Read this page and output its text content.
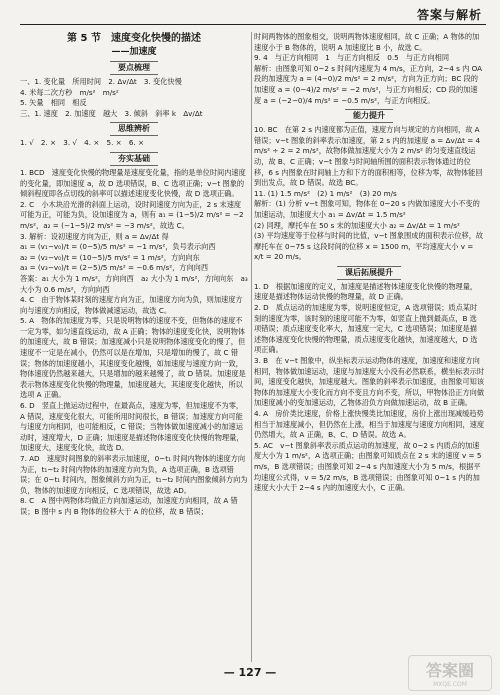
答案与解析
第 5 节　速度变化快慢的描述
——加速度
要点梳理

一、1. 变化量　所用时间　2. Δv/Δt　3. 变化快慢

4. 米每二次方秒　m/s²　m/s²

5. 矢量　相同　相反

三、1. 速度　2. 加速度　越大　3. 倾斜　斜率 k　Δv/Δt

思维辨析

1. √　2. ×　3. √　4. ×　5. ×　6. ×

夯实基础

1. BCD　速度变化快慢的物理量是速度变化量，指的是单位时间内速度的变化量，即加速度 a，故 D 选项错误，B、C 选项正确；v−t 图象的倾斜程度即各点切线的斜率可以描述速度变化快慢，故 D 选项正确。

2. C　小木块沿光滑的斜面上运动，设时间速度方向为正，2 s 末速度可能为正，可能为负，设加速度为 a，则有 a₁ = (1−5)/2 m/s² = −2 m/s²，a₂ = (−1−5)/2 m/s² = −3 m/s²，故选 C。

3. 解析：设初速度方向为正，则 a = Δv/Δt 得

a₁ = (v₁−v₀)/t = (0−5)/5 m/s² = −1 m/s²，负号表示向西

a₂ = (v₂−v₀)/t = (10−5)/5 m/s² = 1 m/s²，方向向东

a₃ = (v₃−v₀)/t = (2−5)/5 m/s² = −0.6 m/s²，方向向西

答案：a₁ 大小为 1 m/s²，方向向西　a₂ 大小为 1 m/s²，方向向东　a₃ 大小为 0.6 m/s²，方向向西

4. C　由于物体某时刻的速度方向为正，加速度方向为负，则加速度方向与速度方向相反，物体做减速运动，故选 C。

5. A　物体的加速度为零，只是说明物体的速度不变，但物体的速度不一定为零，如匀速直线运动，故 A 正确；物体的速度变化快，说明物体的加速度大，故 B 错误；加速度减小只是说明物体速度变化的慢了，但速度不一定是在减小，仍然可以是在增加，只是增加的慢了，故 C 错误；物体的加速度越小，其速度变化越慢，如加速度与速度方向一致，物体速度仍然越来越大，只是增加的越来越慢了，故 D 错误。加速度是表示物体速度变化快慢的物理量，加速度越大，其速度变化越快，所以选项 A 正确。

6. D　竖直上抛运动过程中，在最高点，速度为零，但加速度不为零，A 错误，速度变化很大，可能所用时间很长，B 错误；加速度方向可能与速度方向相同，也可能相反，C 错误；当物体做加速度减小的加速运动时，速度增大，D 正确；加速度是描述物体速度变化快慢的物理量，加速度大，速度变化快，故选 D。

7. AD　速度时间图象的斜率表示加速度，0~t₁ 时间内物体的速度方向为正，t₁~t₂ 时间内物体的加速度方向为负，A 选项正确，B 选项错误；在 0~t₁ 时间内，图象倾斜方向为正，t₁~t₂ 时间内图象倾斜方向为负，物体的加速度方向相反，C 选项错误，故选 AD。

8. C　A 图中两物体均做正方向加速运动，加速度方向相同，故 A 错误；B 图中 s 内 B 物体的位移大于 A 的位移，故 B 错误；

时间两物体的图象相交，说明两物体速度相同，故 C 正确；A 物体的加速度小于 B 物体的，说明 A 加速度比 B 小，故选 C。

9. 4　与正方向相同　1　与正方向相反　0.5　与正方向相同

解析：由图象可知 0~2 s 时间内速度为 4 m/s，正方向，2~4 s 内 OA 段的加速度为 a = (4−0)/2 m/s² = 2 m/s²，方向为正方向；BC 段的加速度 a = (0−4)/2 m/s² = −2 m/s²，与正方向相反；CD 段的加速度 a = (−2−0)/4 m/s² = −0.5 m/s²，与正方向相反。

能力提升

10. BC　在第 2 s 内速度都为正值，速度方向与规定的方向相同，故 A 错误；v−t 图象的斜率表示加速度，第 2 s 内的加速度 a = Δv/Δt = 4 m/s² ÷ 2 = 2 m/s²，故物体做加速度大小为 2 m/s² 的匀变速直线运动，故 B、C 正确；v−t 图象与时间轴所围的面积表示物体通过的位移，6 s 内图象在时间轴上方和下方的面积相等，位移为零，故物体能回到出发点，故 D 错误。故选 BC。

11. (1) 1.5 m/s²　(2) 1 m/s²　(3) 20 m/s

解析：(1) 分析 v−t 图象可知，物体在 0~20 s 内做加速度大小不变的加速运动，加速度大小 a₁ = Δv/Δt = 1.5 m/s²

(2) 同理，摩托车在 50 s 末的加速度大小 a₂ = Δv/Δt = 1 m/s²

(3) 平均速度等于位移与时间的比值，v−t 图象围成的面积表示位移，故摩托车在 0~75 s 这段时间的位移 x = 1500 m，平均速度大小 v = x/t = 20 m/s。

课后拓展提升

1. D　根据加速度的定义，加速度是描述物体速度变化快慢的物理量，速度是描述物体运动快慢的物理量，故 D 正确。

2. D　质点运动的加速度为零，说明速度恒定，A 选项错误；质点某时刻的速度为零，该时刻的速度可能不为零，如竖直上抛到最高点，B 选项错误；质点速度变化率大，加速度一定大，C 选项错误；加速度是描述物体速度变化快慢的物理量，质点速度变化越快，加速度越大，D 选项正确。

3. B　在 v−t 图象中，纵坐标表示运动物体的速度，加速度和速度方向相同，物体做加速运动，速度与加速度大小没有必然联系，横坐标表示时间，速度变化越快，加速度越大。图象的斜率表示加速度，由图象可知该物体的加速度大小变化而方向不变且方向不变，所以，甲物体沿正方向做加速度减小的变加速运动，乙物体沿负方向做加速运动，故 B 正确。

4. A　房价类比速度，价格上涨快慢类比加速度，房价上涨出现减缓趋势相当于加速度减小，但仍然在上涨，相当于加速度与速度方向相同，速度仍然增大，故 A 正确，B、C、D 错误。故选 A。

5. AC　v−t 图象斜率表示质点运动的加速度，故 0~2 s 内质点的加速度大小为 1 m/s²，A 选项正确；由图象可知质点在 2 s 末的速度 v = 5 m/s，B 选项错误；由图象可知 2~4 s 内加速度大小为 5 m/s，根据平均速度公式得，v = 5/2 m/s，B 选项错误；由图象可知 0~1 s 内的加速度大小大于 2~4 s 内的加速度大小，C 正确。

— 127 —	答案圈
MXQE.COM
